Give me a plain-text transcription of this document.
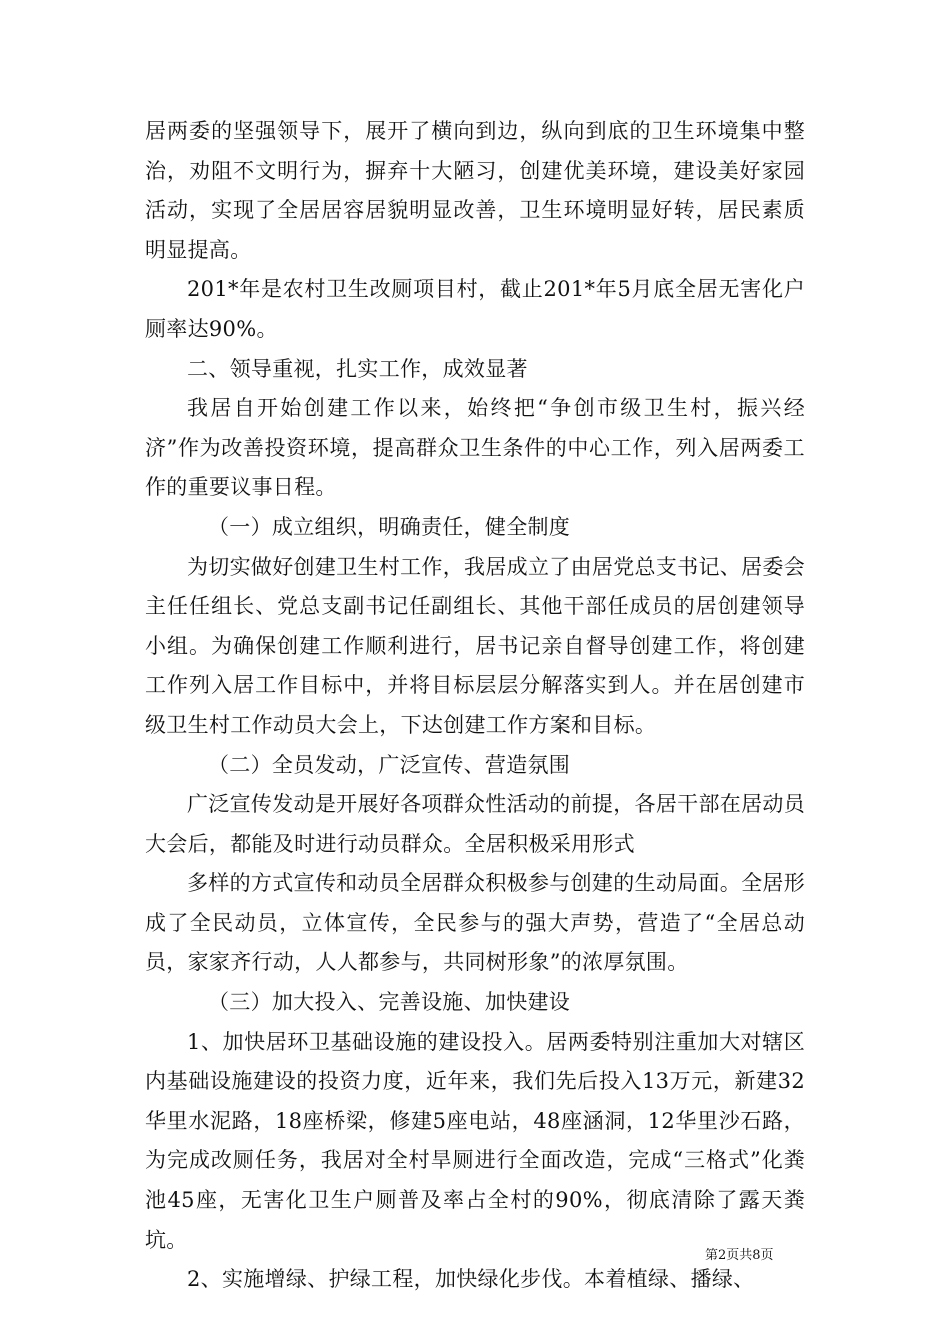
居两委的坚强领导下，展开了横向到边，纵向到底的卫生环境集中整治，劝阻不文明行为，摒弃十大陋习，创建优美环境，建设美好家园活动，实现了全居居容居貌明显改善，卫生环境明显好转，居民素质明显提高。

201*年是农村卫生改厕项目村，截止201*年5月底全居无害化户厕率达90%。

二、领导重视，扎实工作，成效显著

我居自开始创建工作以来，始终把“争创市级卫生村，振兴经济”作为改善投资环境，提高群众卫生条件的中心工作，列入居两委工作的重要议事日程。

（一）成立组织，明确责任，健全制度

为切实做好创建卫生村工作，我居成立了由居党总支书记、居委会主任任组长、党总支副书记任副组长、其他干部任成员的居创建领导小组。为确保创建工作顺利进行，居书记亲自督导创建工作，将创建工作列入居工作目标中，并将目标层层分解落实到人。并在居创建市级卫生村工作动员大会上，下达创建工作方案和目标。

（二）全员发动，广泛宣传、营造氛围

广泛宣传发动是开展好各项群众性活动的前提，各居干部在居动员大会后，都能及时进行动员群众。全居积极采用形式

多样的方式宣传和动员全居群众积极参与创建的生动局面。全居形成了全民动员，立体宣传，全民参与的强大声势，营造了“全居总动员，家家齐行动，人人都参与，共同树形象”的浓厚氛围。

（三）加大投入、完善设施、加快建设

1、加快居环卫基础设施的建设投入。居两委特别注重加大对辖区内基础设施建设的投资力度，近年来，我们先后投入13万元，新建32华里水泥路，18座桥梁，修建5座电站，48座涵洞，12华里沙石路，为完成改厕任务，我居对全村旱厕进行全面改造，完成“三格式”化粪池45座，无害化卫生户厕普及率占全村的90%，彻底清除了露天粪坑。

2、实施增绿、护绿工程，加快绿化步伐。本着植绿、播绿、

第2页共8页
